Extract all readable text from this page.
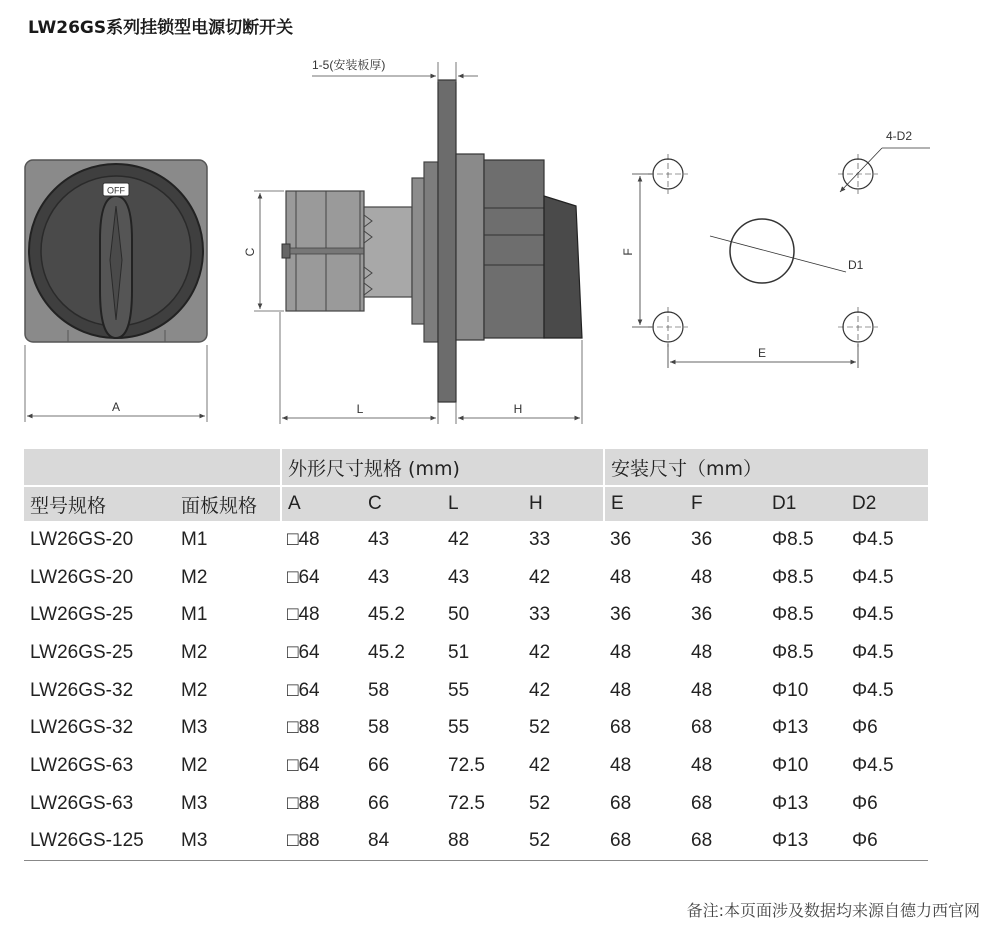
LW26GS系列挂锁型电源切断开关
OFF
A
1-5(安装板厚)
C
L	H
F
E
D1
4-D2
		外形尺寸规格 (mm)				安装尺寸（mm）			
型号规格	面板规格	A	C	L	H	E	F	D1	D2
LW26GS-20	M1	□48	43	42	33	36	36	Φ8.5	Φ4.5
LW26GS-20	M2	□64	43	43	42	48	48	Φ8.5	Φ4.5
LW26GS-25	M1	□48	45.2	50	33	36	36	Φ8.5	Φ4.5
LW26GS-25	M2	□64	45.2	51	42	48	48	Φ8.5	Φ4.5
LW26GS-32	M2	□64	58	55	42	48	48	Φ10	Φ4.5
LW26GS-32	M3	□88	58	55	52	68	68	Φ13	Φ6
LW26GS-63	M2	□64	66	72.5	42	48	48	Φ10	Φ4.5
LW26GS-63	M3	□88	66	72.5	52	68	68	Φ13	Φ6
LW26GS-125	M3	□88	84	88	52	68	68	Φ13	Φ6
备注:本页面涉及数据均来源自德力西官网
